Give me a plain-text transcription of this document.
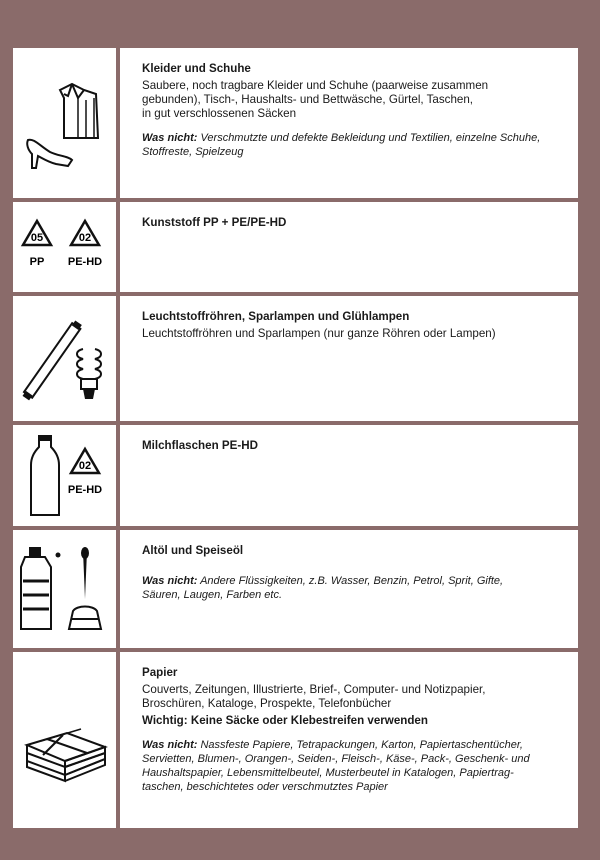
Kleider und Schuhe
Saubere, noch tragbare Kleider und Schuhe (paarweise zusammen
gebunden), Tisch-, Haushalts- und Bettwäsche, Gürtel, Taschen,
in gut verschlossenen Säcken
Was nicht: Verschmutzte und defekte Bekleidung und Textilien, einzelne Schuhe,
Stoffreste, Spielzeug
05	02
PP PE-HD
Kunststoff PP + PE/PE-HD
Leuchtstoffröhren, Sparlampen und Glühlampen
Leuchtstoffröhren und Sparlampen (nur ganze Röhren oder Lampen)
02
PE-HD
Milchflaschen PE-HD
Altöl und Speiseöl
Was nicht: Andere Flüssigkeiten, z.B. Wasser, Benzin, Petrol, Sprit, Gifte,
Säuren, Laugen, Farben etc.
Papier
Couverts, Zeitungen, Illustrierte, Brief-, Computer- und Notizpapier,
Broschüren, Kataloge, Prospekte, Telefonbücher
Wichtig: Keine Säcke oder Klebestreifen verwenden
Was nicht: Nassfeste Papiere, Tetrapackungen, Karton, Papiertaschentücher,
Servietten, Blumen-, Orangen-, Seiden-, Fleisch-, Käse-, Pack-, Geschenk- und
Haushaltspapier, Lebensmittelbeutel, Musterbeutel in Katalogen, Papiertrag-
taschen, beschichtetes oder verschmutztes Papier
